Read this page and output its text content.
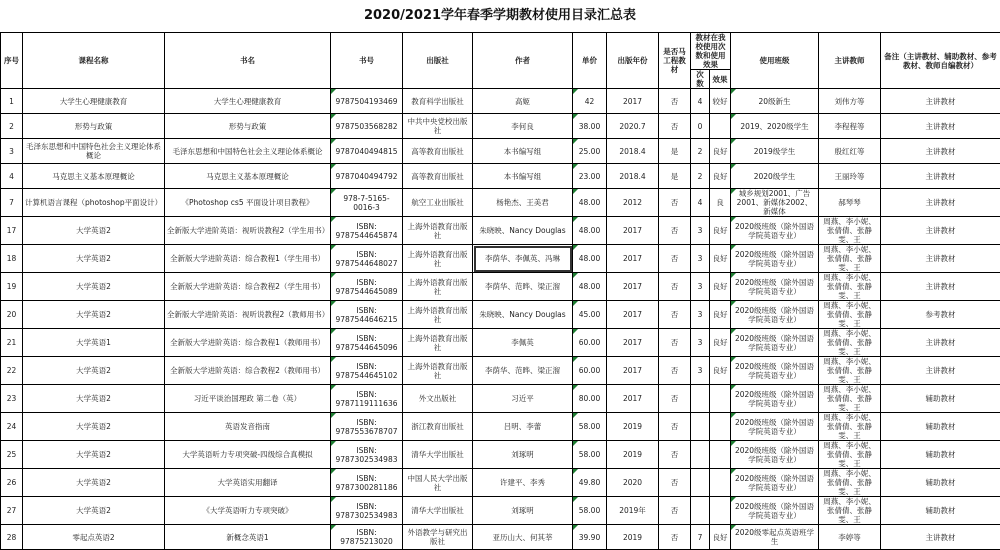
2020/2021学年春季学期教材使用目录汇总表
序号	课程名称	书名	书号	出版社	作者	单价	出版年份	是否马工程教材	教材在我校使用次数和使用效果		使用班级	主讲教师	备注（主讲教材、辅助教材、参考教材、教师自编教材）
									次数	效果			
1	大学生心理健康教育	大学生心理健康教育	9787504193469	教育科学出版社	高姬	42	2017	否	4	较好	20级新生	刘伟方等	主讲教材
2	形势与政策	形势与政策	9787503568282	中共中央党校出版社	李何良	38.00	2020.7	否	0		2019、2020级学生	李程程等	主讲教材
3	毛泽东思想和中国特色社会主义理论体系概论	毛泽东思想和中国特色社会主义理论体系概论	9787040494815	高等教育出版社	本书编写组	25.00	2018.4	是	2	良好	2019级学生	殷红红等	主讲教材
4	马克思主义基本原理概论	马克思主义基本原理概论	9787040494792	高等教育出版社	本书编写组	23.00	2018.4	是	2	良好	2020级学生	王丽玲等	主讲教材
7	计算机语言课程（photoshop平面设计）	《Photoshop cs5 平面设计项目教程》	978-7-5165-0016-3	航空工业出版社	杨艳杰、王美君	48.00	2012	否	4	良	城乡规划2001、广告2001、新媒体2002、新媒体	郝琴琴	主讲教材
17	大学英语2	全新版大学进阶英语：视听说教程2（学生用书）	ISBN: 9787544645874	上海外语教育出版社	朱晓映、Nancy Douglas	48.00	2017	否	3	良好	2020级班级（除外国语学院英语专业）	周燕、李小妮、张倩倩、张静雯、王	主讲教材
18	大学英语2	全新版大学进阶英语：综合教程1（学生用书）	ISBN: 9787544648027	上海外语教育出版社	李荫华、李佩英、冯琳	48.00	2017	否	3	良好	2020级班级（除外国语学院英语专业）	周燕、李小妮、张倩倩、张静雯、王	主讲教材
19	大学英语2	全新版大学进阶英语：综合教程2（学生用书）	ISBN: 9787544645089	上海外语教育出版社	李荫华、范晔、梁正溜	48.00	2017	否	3	良好	2020级班级（除外国语学院英语专业）	周燕、李小妮、张倩倩、张静雯、王	主讲教材
20	大学英语2	全新版大学进阶英语：视听说教程2（教师用书）	ISBN: 9787544646215	上海外语教育出版社	朱晓映、Nancy Douglas	45.00	2017	否	3	良好	2020级班级（除外国语学院英语专业）	周燕、李小妮、张倩倩、张静雯、王	参考教材
21	大学英语1	全新版大学进阶英语：综合教程1（教师用书）	ISBN: 9787544645096	上海外语教育出版社	李佩英	60.00	2017	否	3	良好	2020级班级（除外国语学院英语专业）	周燕、李小妮、张倩倩、张静雯、王	主讲教材
22	大学英语2	全新版大学进阶英语：综合教程2（教师用书）	ISBN: 9787544645102	上海外语教育出版社	李荫华、范晔、梁正溜	60.00	2017	否	3	良好	2020级班级（除外国语学院英语专业）	周燕、李小妮、张倩倩、张静雯、王	主讲教材
23	大学英语2	习近平谈治国理政 第二卷（英）	ISBN: 9787119111636	外文出版社	习近平	80.00	2017	否			2020级班级（除外国语学院英语专业）	周燕、李小妮、张倩倩、张静雯、王	辅助教材
24	大学英语2	英语发音指南	ISBN: 9787553678707	浙江教育出版社	吕明、李蕾	58.00	2019	否			2020级班级（除外国语学院英语专业）	周燕、李小妮、张倩倩、张静雯、王	辅助教材
25	大学英语2	大学英语听力专项突破-四级综合真模拟	ISBN: 9787302534983	清华大学出版社	刘琢明	58.00	2019	否			2020级班级（除外国语学院英语专业）	周燕、李小妮、张倩倩、张静雯、王	辅助教材
26	大学英语2	大学英语实用翻译	ISBN: 9787300281186	中国人民大学出版社	许建平、李秀	49.80	2020	否			2020级班级（除外国语学院英语专业）	周燕、李小妮、张倩倩、张静雯、王	辅助教材
27	大学英语2	《大学英语听力专项突破》	ISBN: 9787302534983	清华大学出版社	刘琢明	58.00	2019年	否			2020级班级（除外国语学院英语专业）	周燕、李小妮、张倩倩、张静雯、王	辅助教材
28	零起点英语2	新概念英语1	ISBN: 97875213020	外语教学与研究出版社	亚历山大、何其莘	39.90	2019	否	7	良好	2020级零起点英语班学生	李婷等	主讲教材
